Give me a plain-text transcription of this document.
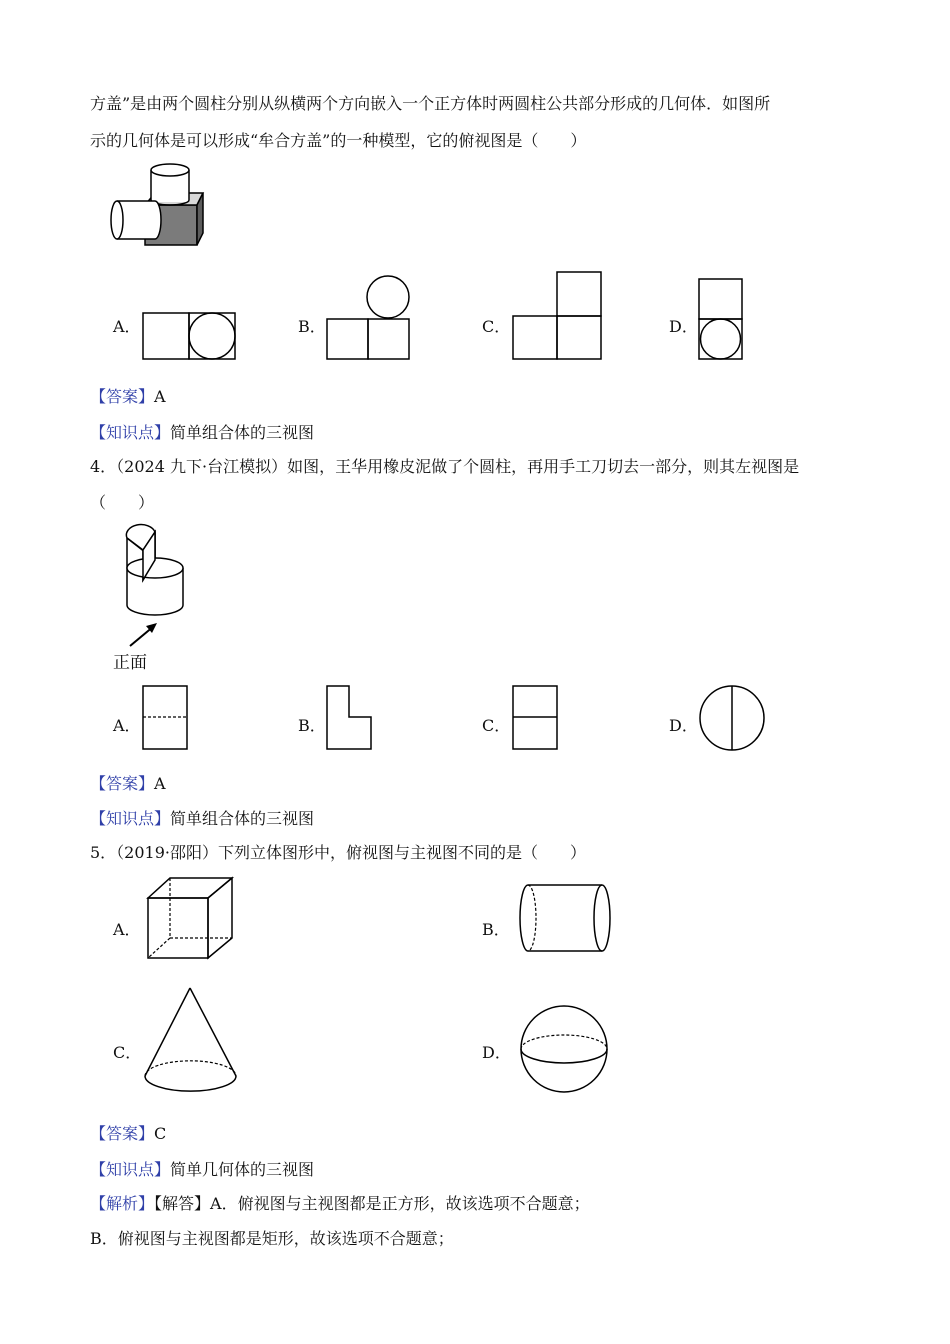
方盖”是由两个圆柱分别从纵横两个方向嵌入一个正方体时两圆柱公共部分形成的几何体．如图所
示的几何体是可以形成“牟合方盖”的一种模型，它的俯视图是（　　）
A．	B．	C．	D．
【答案】A
【知识点】简单组合体的三视图
4．（2024 九下·台江模拟）如图，王华用橡皮泥做了个圆柱，再用手工刀切去一部分，则其左视图是
（　　）
正面
A．	B．	C．	D．
【答案】A
【知识点】简单组合体的三视图
5．（2019·邵阳）下列立体图形中，俯视图与主视图不同的是（　　）
A．	B．
C．	D．
【答案】C
【知识点】简单几何体的三视图
【解析】【解答】A．俯视图与主视图都是正方形，故该选项不合题意；
B．俯视图与主视图都是矩形，故该选项不合题意；
